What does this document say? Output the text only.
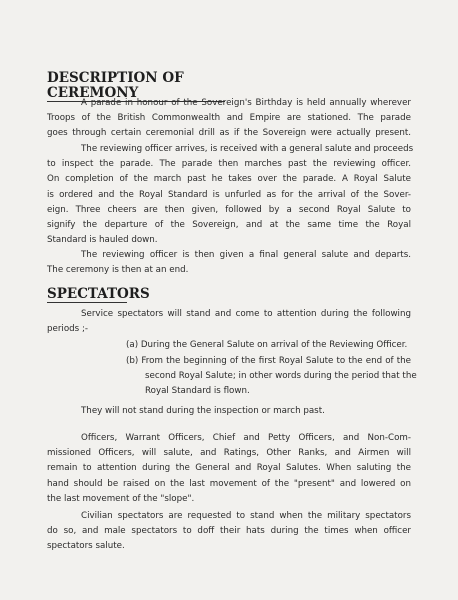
DESCRIPTION OF CEREMONY
A parade in honour of the Sovereign's Birthday is held annually wherever
Troops of the British Commonwealth and Empire are stationed. The parade
goes through certain ceremonial drill as if the Sovereign were actually present.
The reviewing officer arrives, is received with a general salute and proceeds
to inspect the parade. The parade then marches past the reviewing officer.
On completion of the march past he takes over the parade. A Royal Salute
is ordered and the Royal Standard is unfurled as for the arrival of the Sover-
eign. Three cheers are then given, followed by a second Royal Salute to
signify the departure of the Sovereign, and at the same time the Royal
Standard is hauled down.
The reviewing officer is then given a final general salute and departs.
The ceremony is then at an end.
SPECTATORS
Service spectators will stand and come to attention during the following
periods ;-
(a) During the General Salute on arrival of the Reviewing Officer.
(b) From the beginning of the first Royal Salute to the end of the
second Royal Salute; in other words during the period that the
Royal Standard is flown.
They will not stand during the inspection or march past.
Officers, Warrant Officers, Chief and Petty Officers, and Non-Com-
missioned Officers, will salute, and Ratings, Other Ranks, and Airmen will
remain to attention during the General and Royal Salutes. When saluting the
hand should be raised on the last movement of the "present" and lowered on
the last movement of the "slope".
Civilian spectators are requested to stand when the military spectators
do so, and male spectators to doff their hats during the times when officer
spectators salute.
